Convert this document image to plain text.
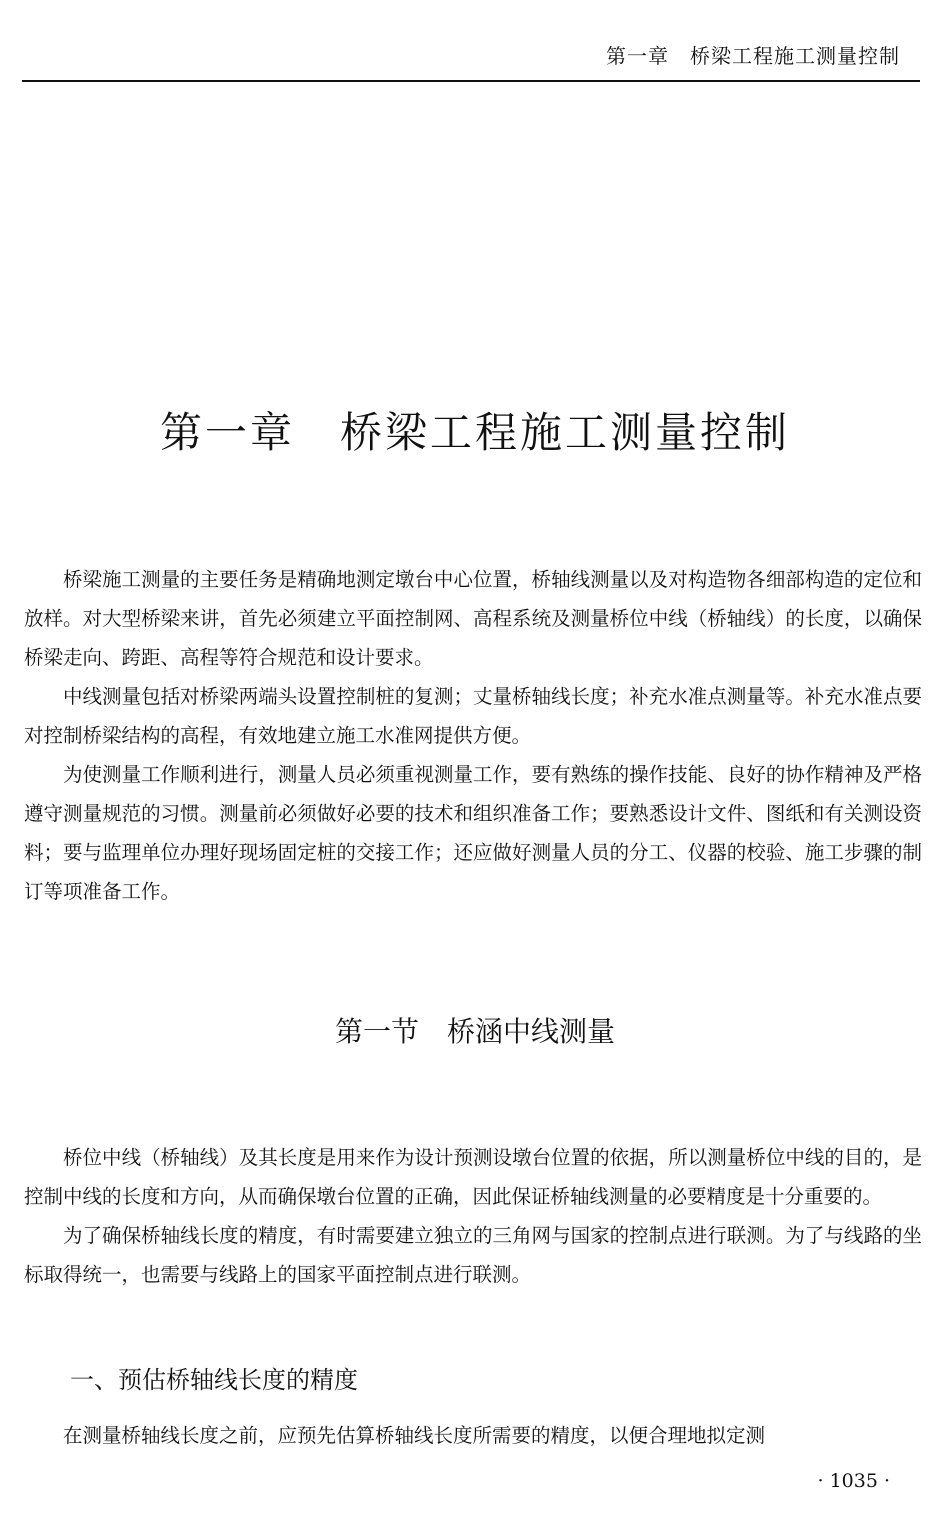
第一章　桥梁工程施工测量控制
第一章　桥梁工程施工测量控制

桥梁施工测量的主要任务是精确地测定墩台中心位置，桥轴线测量以及对构造物各细部构造的定位和放样。对大型桥梁来讲，首先必须建立平面控制网、高程系统及测量桥位中线（桥轴线）的长度，以确保桥梁走向、跨距、高程等符合规范和设计要求。

中线测量包括对桥梁两端头设置控制桩的复测；丈量桥轴线长度；补充水准点测量等。补充水准点要对控制桥梁结构的高程，有效地建立施工水准网提供方便。

为使测量工作顺利进行，测量人员必须重视测量工作，要有熟练的操作技能、良好的协作精神及严格遵守测量规范的习惯。测量前必须做好必要的技术和组织准备工作；要熟悉设计文件、图纸和有关测设资料；要与监理单位办理好现场固定桩的交接工作；还应做好测量人员的分工、仪器的校验、施工步骤的制订等项准备工作。

第一节　桥涵中线测量

桥位中线（桥轴线）及其长度是用来作为设计预测设墩台位置的依据，所以测量桥位中线的目的，是控制中线的长度和方向，从而确保墩台位置的正确，因此保证桥轴线测量的必要精度是十分重要的。

为了确保桥轴线长度的精度，有时需要建立独立的三角网与国家的控制点进行联测。为了与线路的坐标取得统一，也需要与线路上的国家平面控制点进行联测。

一、预估桥轴线长度的精度

在测量桥轴线长度之前，应预先估算桥轴线长度所需要的精度，以便合理地拟定测

· 1035 ·
